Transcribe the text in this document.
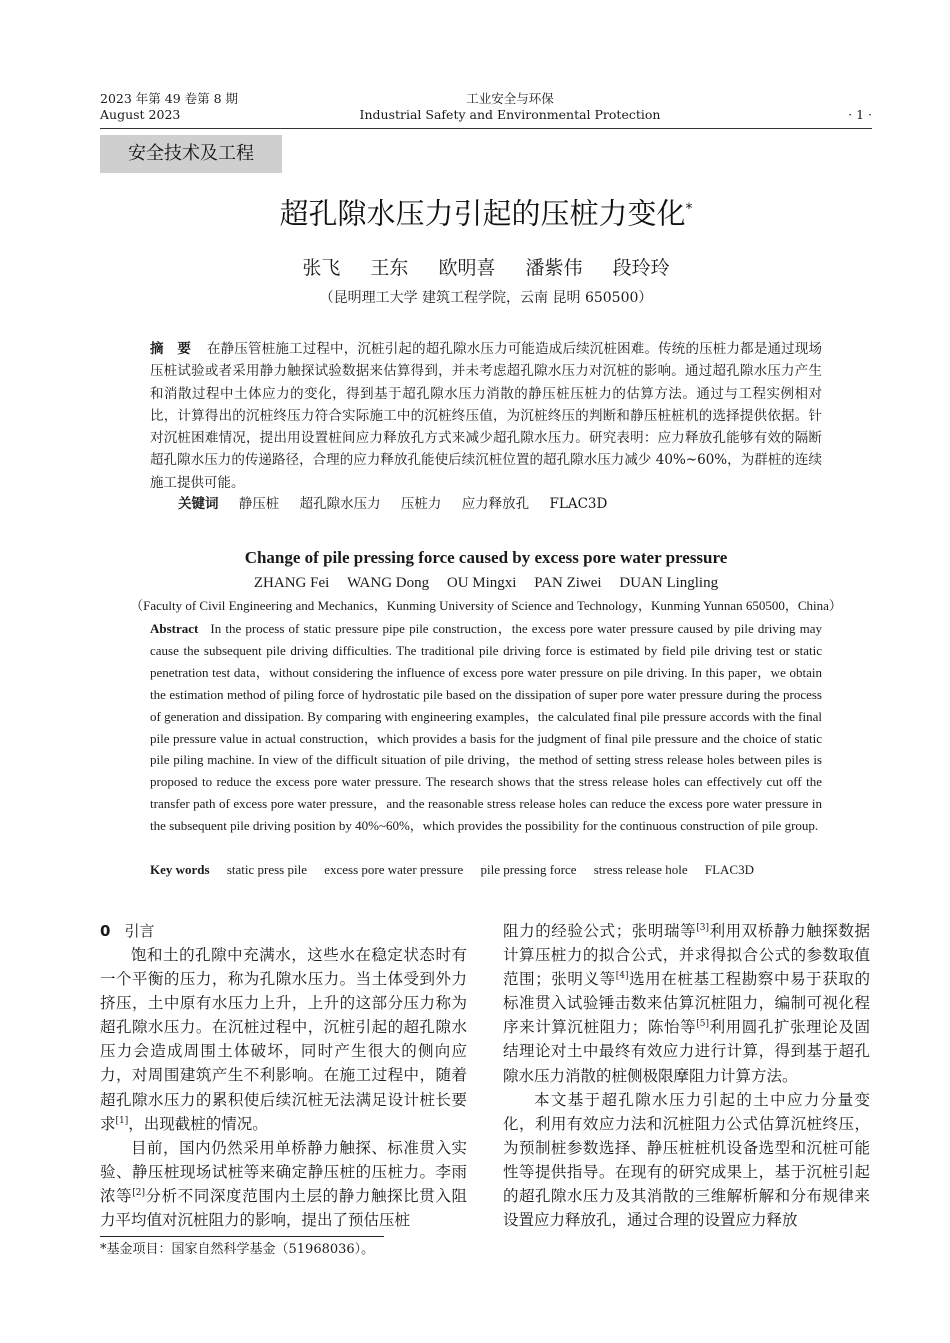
2023 年第 49 卷第 8 期
August 2023
工业安全与环保
Industrial Safety and Environmental Protection	· 1 ·
安全技术及工程
超孔隙水压力引起的压桩力变化*
张飞 王东 欧明喜 潘紫伟 段玲玲
（昆明理工大学 建筑工程学院，云南 昆明 650500）
摘　要 在静压管桩施工过程中，沉桩引起的超孔隙水压力可能造成后续沉桩困难。传统的压桩力都是通过现场压桩试验或者采用静力触探试验数据来估算得到，并未考虑超孔隙水压力对沉桩的影响。通过超孔隙水压力产生和消散过程中土体应力的变化，得到基于超孔隙水压力消散的静压桩压桩力的估算方法。通过与工程实例相对比，计算得出的沉桩终压力符合实际施工中的沉桩终压值，为沉桩终压的判断和静压桩桩机的选择提供依据。针对沉桩困难情况，提出用设置桩间应力释放孔方式来减少超孔隙水压力。研究表明：应力释放孔能够有效的隔断超孔隙水压力的传递路径，合理的应力释放孔能使后续沉桩位置的超孔隙水压力减少 40%~60%，为群桩的连续施工提供可能。
关键词 静压桩 超孔隙水压力 压桩力 应力释放孔 FLAC3D
Change of pile pressing force caused by excess pore water pressure
ZHANG Fei WANG Dong OU Mingxi PAN Ziwei DUAN Lingling
（Faculty of Civil Engineering and Mechanics，Kunming University of Science and Technology，Kunming Yunnan 650500，China）
Abstract In the process of static pressure pipe pile construction，the excess pore water pressure caused by pile driving may cause the subsequent pile driving difficulties. The traditional pile driving force is estimated by field pile driving test or static penetration test data，without considering the influence of excess pore water pressure on pile driving. In this paper，we obtain the estimation method of piling force of hydrostatic pile based on the dissipation of super pore water pressure during the process of generation and dissipation. By comparing with engineering examples，the calculated final pile pressure accords with the final pile pressure value in actual construction，which provides a basis for the judgment of final pile pressure and the choice of static pile piling machine. In view of the difficult situation of pile driving，the method of setting stress release holes between piles is proposed to reduce the excess pore water pressure. The research shows that the stress release holes can effectively cut off the transfer path of excess pore water pressure，and the reasonable stress release holes can reduce the excess pore water pressure in the subsequent pile driving position by 40%~60%，which provides the possibility for the continuous construction of pile group.
Key words static press pile excess pore water pressure pile pressing force stress release hole FLAC3D
0 引言

饱和土的孔隙中充满水，这些水在稳定状态时有一个平衡的压力，称为孔隙水压力。当土体受到外力挤压，土中原有水压力上升，上升的这部分压力称为超孔隙水压力。在沉桩过程中，沉桩引起的超孔隙水压力会造成周围土体破坏，同时产生很大的侧向应力，对周围建筑产生不利影响。在施工过程中，随着超孔隙水压力的累积使后续沉桩无法满足设计桩长要求[1]，出现截桩的情况。

目前，国内仍然采用单桥静力触探、标准贯入实验、静压桩现场试桩等来确定静压桩的压桩力。李雨浓等[2]分析不同深度范围内土层的静力触探比贯入阻力平均值对沉桩阻力的影响，提出了预估压桩

阻力的经验公式；张明瑞等[3]利用双桥静力触探数据计算压桩力的拟合公式，并求得拟合公式的参数取值范围；张明义等[4]选用在桩基工程勘察中易于获取的标准贯入试验锤击数来估算沉桩阻力，编制可视化程序来计算沉桩阻力；陈怡等[5]利用圆孔扩张理论及固结理论对土中最终有效应力进行计算，得到基于超孔隙水压力消散的桩侧极限摩阻力计算方法。

本文基于超孔隙水压力引起的土中应力分量变化，利用有效应力法和沉桩阻力公式估算沉桩终压，为预制桩参数选择、静压桩桩机设备选型和沉桩可能性等提供指导。在现有的研究成果上，基于沉桩引起的超孔隙水压力及其消散的三维解析解和分布规律来设置应力释放孔，通过合理的设置应力释放

*基金项目：国家自然科学基金（51968036）。
